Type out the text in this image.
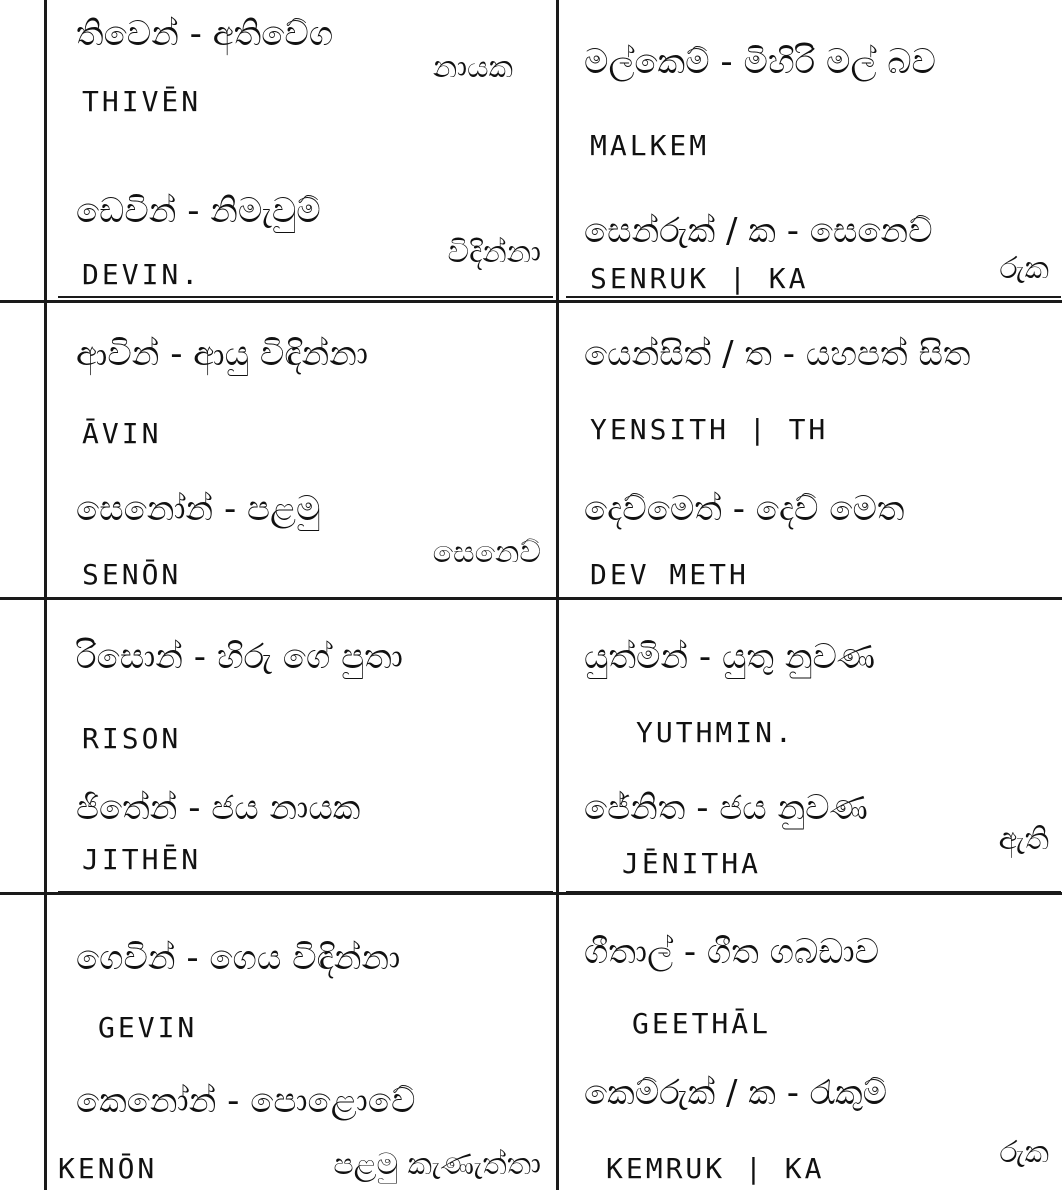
තිවෙන් - අතිවේග
නායක
THIVĒN
ඩෙවින් - නිමැවුම්
විදින්නා
DEVIN.
මල්කෙම් - මිහිරි මල් බව
MALKEM
සෙන්රුක් / ක - සෙනෙව්
රුක
SENRUK | KA
ආවින් - ආයු විඳින්නා
ĀVIN
සෙනෝන් - පළමු
සෙනෙව්
SENŌN
යෙන්සිත් / ත - යහපත් සිත
YENSITH | TH
දෙව්මෙත් - දෙව් මෙත
DEV METH
රිසොන් - හිරු ගේ පුතා
RISON
ජිතේන් - ජය නායක
JITHĒN
යුත්මින් - යුතු නුවණ
YUTHMIN.
ජේනිත - ජය නුවණ
ඇති
JĒNITHA
ගෙවින් - ගෙය විඳින්නා
GEVIN
කෙනෝන් - පොළොවේ
පළමු කැණැත්තා
KENŌN
ගීතාල් - ගීත ගබඩාව
GEETHĀL
කෙම්රුක් / ක - රැකුම්
රුක
KEMRUK | KA
